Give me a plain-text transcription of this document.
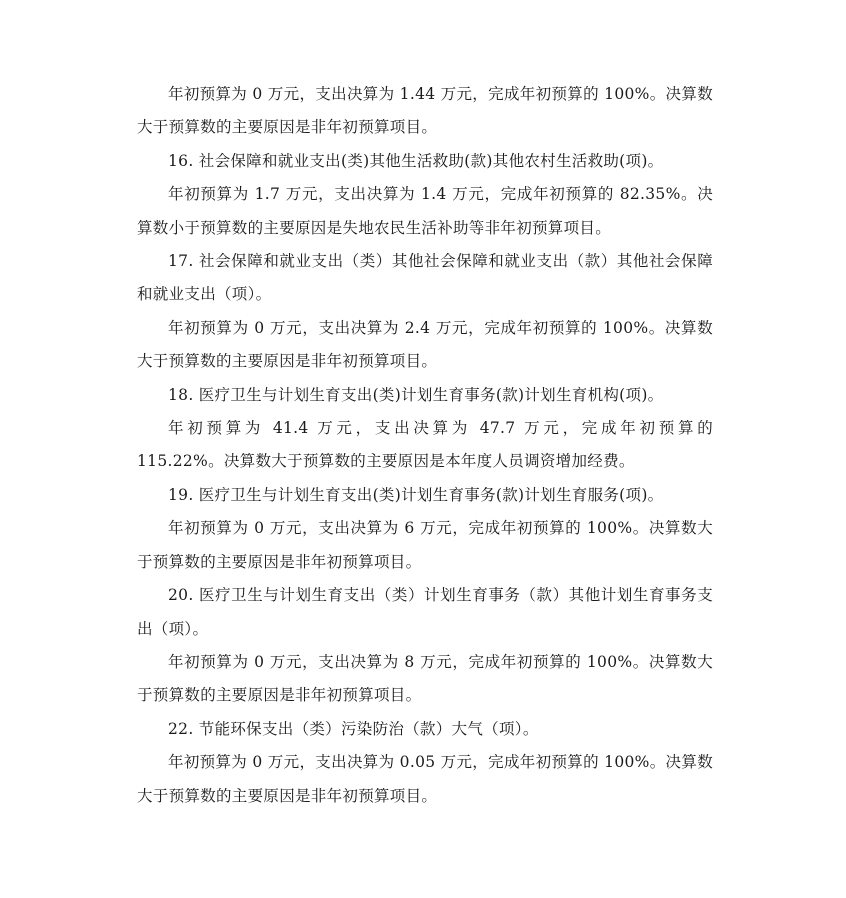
年初预算为 0 万元，支出决算为 1.44 万元，完成年初预算的 100%。决算数大于预算数的主要原因是非年初预算项目。

16. 社会保障和就业支出(类)其他生活救助(款)其他农村生活救助(项)。

年初预算为 1.7 万元，支出决算为 1.4 万元，完成年初预算的 82.35%。决算数小于预算数的主要原因是失地农民生活补助等非年初预算项目。

17. 社会保障和就业支出（类）其他社会保障和就业支出（款）其他社会保障和就业支出（项）。

年初预算为 0 万元，支出决算为 2.4 万元，完成年初预算的 100%。决算数大于预算数的主要原因是非年初预算项目。

18. 医疗卫生与计划生育支出(类)计划生育事务(款)计划生育机构(项)。

年初预算为 41.4 万元，支出决算为 47.7 万元，完成年初预算的 115.22%。决算数大于预算数的主要原因是本年度人员调资增加经费。

19. 医疗卫生与计划生育支出(类)计划生育事务(款)计划生育服务(项)。

年初预算为 0 万元，支出决算为 6 万元，完成年初预算的 100%。决算数大于预算数的主要原因是非年初预算项目。

20. 医疗卫生与计划生育支出（类）计划生育事务（款）其他计划生育事务支出（项）。

年初预算为 0 万元，支出决算为 8 万元，完成年初预算的 100%。决算数大于预算数的主要原因是非年初预算项目。

22. 节能环保支出（类）污染防治（款）大气（项）。

年初预算为 0 万元，支出决算为 0.05 万元，完成年初预算的 100%。决算数大于预算数的主要原因是非年初预算项目。
